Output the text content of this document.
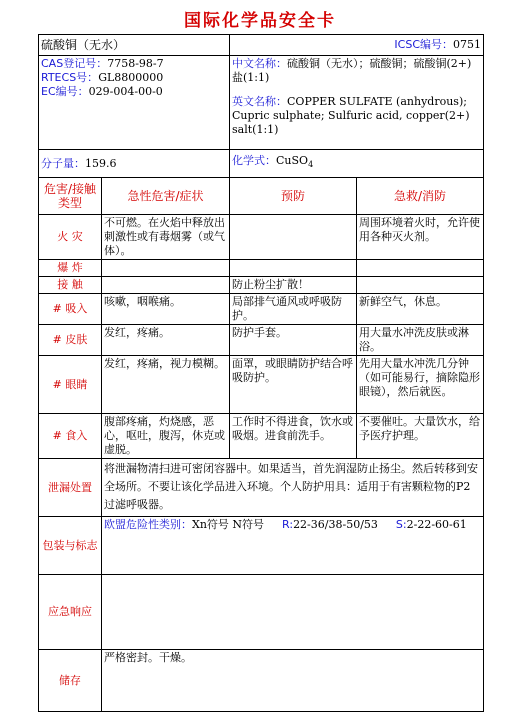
国际化学品安全卡
硫酸铜（无水）		ICSC编号：0751	

CAS登记号：7758-98-7
RTECS号：GL8800000
EC编号：029-004-00-0		中文名称：硫酸铜（无水）；硫酸铜；硫酸铜(2+)盐(1:1)
英文名称：COPPER SULFATE (anhydrous); Cupric sulphate; Sulfuric acid, copper(2+) salt(1:1)	

分子量：159.6		化学式：CuSO$_4$
危害/接触类型	急性危害/症状	预防	急救/消防
火 灾	不可燃。在火焰中释放出刺激性或有毒烟雾（或气体）。		周围环境着火时，允许使用各种灭火剂。
爆 炸			
接 触		防止粉尘扩散！	
# 吸入	咳嗽，咽喉痛。	局部排气通风或呼吸防护。	新鲜空气，休息。
# 皮肤	发红，疼痛。	防护手套。	用大量水冲洗皮肤或淋浴。
# 眼睛	发红，疼痛，视力模糊。	面罩，或眼睛防护结合呼吸防护。	先用大量水冲洗几分钟（如可能易行，摘除隐形眼镜），然后就医。
# 食入	腹部疼痛，灼烧感，恶心，呕吐，腹泻，休克或虚脱。	工作时不得进食，饮水或吸烟。进食前洗手。	不要催吐。大量饮水，给予医疗护理。
泄漏处置	将泄漏物清扫进可密闭容器中。如果适当，首先润湿防止扬尘。然后转移到安全场所。不要让该化学品进入环境。个人防护用具：适用于有害颗粒物的P2过滤呼吸器。		
包装与标志	欧盟危险性类别：Xn符号 N符号 R:22-36/38-50/53 S:2-22-60-61		
应急响应			
储存	严格密封。干燥。		
